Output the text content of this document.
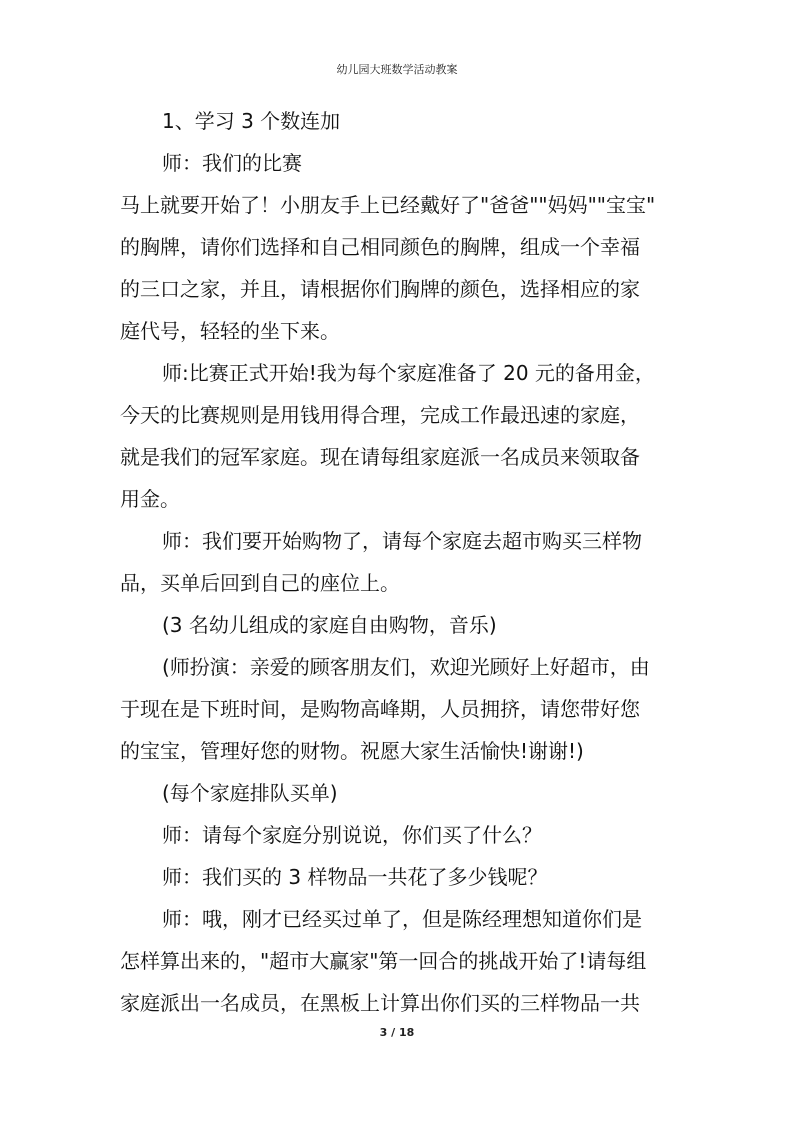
幼儿园大班数学活动教案
1、学习 3 个数连加
师：我们的比赛
马上就要开始了！小朋友手上已经戴好了"爸爸""妈妈""宝宝"
的胸牌，请你们选择和自己相同颜色的胸牌，组成一个幸福
的三口之家，并且，请根据你们胸牌的颜色，选择相应的家
庭代号，轻轻的坐下来。
师:比赛正式开始!我为每个家庭准备了 20 元的备用金，
今天的比赛规则是用钱用得合理，完成工作最迅速的家庭，
就是我们的冠军家庭。现在请每组家庭派一名成员来领取备
用金。
师：我们要开始购物了，请每个家庭去超市购买三样物
品，买单后回到自己的座位上。
(3 名幼儿组成的家庭自由购物，音乐)
(师扮演：亲爱的顾客朋友们，欢迎光顾好上好超市，由
于现在是下班时间，是购物高峰期，人员拥挤，请您带好您
的宝宝，管理好您的财物。祝愿大家生活愉快!谢谢!)
(每个家庭排队买单)
师：请每个家庭分别说说，你们买了什么？
师：我们买的 3 样物品一共花了多少钱呢？
师：哦，刚才已经买过单了，但是陈经理想知道你们是
怎样算出来的，"超市大赢家"第一回合的挑战开始了!请每组
家庭派出一名成员，在黑板上计算出你们买的三样物品一共
3 / 18
